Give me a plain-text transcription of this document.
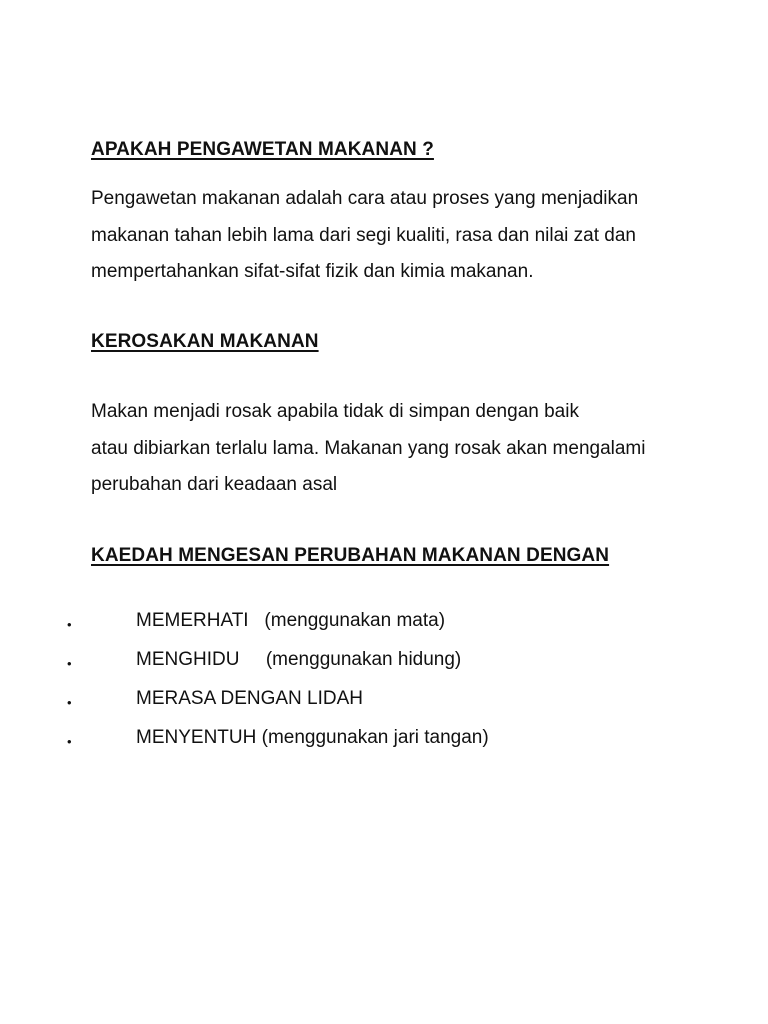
APAKAH PENGAWETAN MAKANAN ?
Pengawetan makanan adalah cara atau proses yang menjadikan
makanan tahan lebih lama dari segi kualiti, rasa dan nilai zat dan
mempertahankan sifat-sifat fizik dan kimia makanan.
KEROSAKAN MAKANAN
Makan menjadi rosak apabila tidak di simpan dengan baik
atau dibiarkan terlalu lama. Makanan yang rosak akan mengalami
perubahan dari keadaan asal
KAEDAH MENGESAN PERUBAHAN MAKANAN DENGAN
•	MEMERHATI   (menggunakan mata)
•	MENGHIDU     (menggunakan hidung)
•	MERASA DENGAN LIDAH
•	MENYENTUH (menggunakan jari tangan)
